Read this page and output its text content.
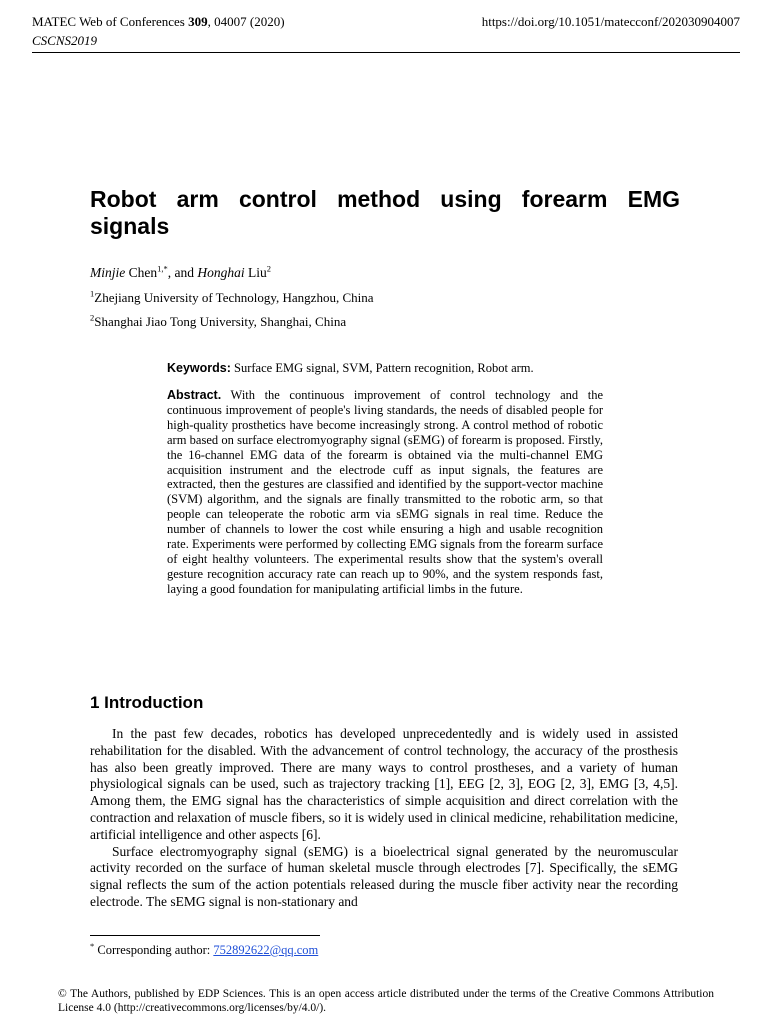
MATEC Web of Conferences 309, 04007 (2020)	https://doi.org/10.1051/matecconf/202030904007
CSCNS2019
Robot arm control method using forearm EMG signals
Minjie Chen$^{1,*}$, and Honghai Liu$^2$
$^1$Zhejiang University of Technology, Hangzhou, China
$^2$Shanghai Jiao Tong University, Shanghai, China
Keywords: Surface EMG signal, SVM, Pattern recognition, Robot arm.
Abstract. With the continuous improvement of control technology and the continuous improvement of people's living standards, the needs of disabled people for high-quality prosthetics have become increasingly strong. A control method of robotic arm based on surface electromyography signal (sEMG) of forearm is proposed. Firstly, the 16-channel EMG data of the forearm is obtained via the multi-channel EMG acquisition instrument and the electrode cuff as input signals, the features are extracted, then the gestures are classified and identified by the support-vector machine (SVM) algorithm, and the signals are finally transmitted to the robotic arm, so that people can teleoperate the robotic arm via sEMG signals in real time. Reduce the number of channels to lower the cost while ensuring a high and usable recognition rate. Experiments were performed by collecting EMG signals from the forearm surface of eight healthy volunteers. The experimental results show that the system's overall gesture recognition accuracy rate can reach up to 90%, and the system responds fast, laying a good foundation for manipulating artificial limbs in the future.
1 Introduction

In the past few decades, robotics has developed unprecedentedly and is widely used in assisted rehabilitation for the disabled. With the advancement of control technology, the accuracy of the prosthesis has also been greatly improved. There are many ways to control prostheses, and a variety of human physiological signals can be used, such as trajectory tracking [1], EEG [2, 3], EOG [2, 3], EMG [3, 4,5]. Among them, the EMG signal has the characteristics of simple acquisition and direct correlation with the contraction and relaxation of muscle fibers, so it is widely used in clinical medicine, rehabilitation medicine, artificial intelligence and other aspects [6].

Surface electromyography signal (sEMG) is a bioelectrical signal generated by the neuromuscular activity recorded on the surface of human skeletal muscle through electrodes [7]. Specifically, the sEMG signal reflects the sum of the action potentials released during the muscle fiber activity near the recording electrode. The sEMG signal is non-stationary and

* Corresponding author: 752892622@qq.com
© The Authors, published by EDP Sciences. This is an open access article distributed under the terms of the Creative Commons Attribution License 4.0 (http://creativecommons.org/licenses/by/4.0/).
